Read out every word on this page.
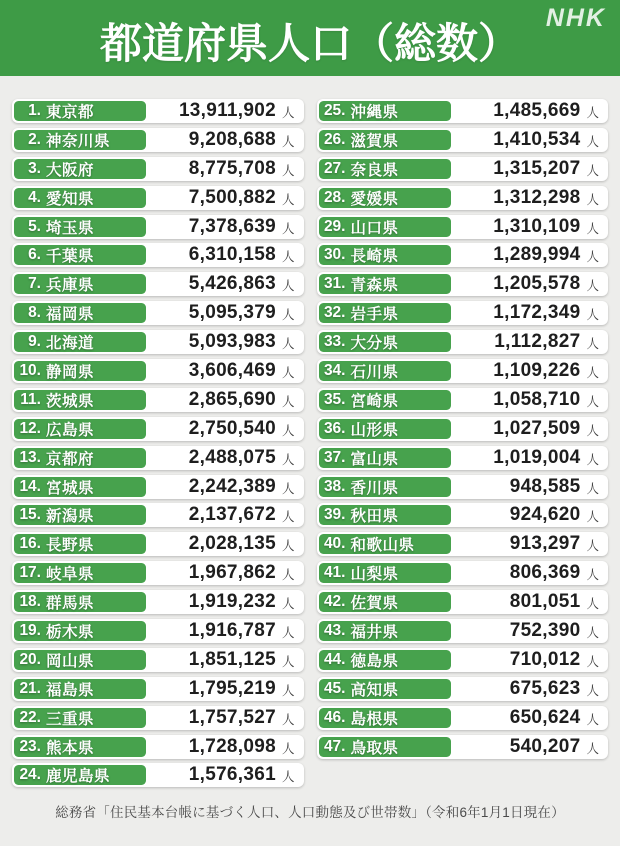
都道府県人口（総数）
NHK
1. 東京都	13,911,902 人
2. 神奈川県	9,208,688 人
3. 大阪府	8,775,708 人
4. 愛知県	7,500,882 人
5. 埼玉県	7,378,639 人
6. 千葉県	6,310,158 人
7. 兵庫県	5,426,863 人
8. 福岡県	5,095,379 人
9. 北海道	5,093,983 人
10. 静岡県	3,606,469 人
11. 茨城県	2,865,690 人
12. 広島県	2,750,540 人
13. 京都府	2,488,075 人
14. 宮城県	2,242,389 人
15. 新潟県	2,137,672 人
16. 長野県	2,028,135 人
17. 岐阜県	1,967,862 人
18. 群馬県	1,919,232 人
19. 栃木県	1,916,787 人
20. 岡山県	1,851,125 人
21. 福島県	1,795,219 人
22. 三重県	1,757,527 人
23. 熊本県	1,728,098 人
24. 鹿児島県	1,576,361 人
25. 沖縄県	1,485,669 人
26. 滋賀県	1,410,534 人
27. 奈良県	1,315,207 人
28. 愛媛県	1,312,298 人
29. 山口県	1,310,109 人
30. 長崎県	1,289,994 人
31. 青森県	1,205,578 人
32. 岩手県	1,172,349 人
33. 大分県	1,112,827 人
34. 石川県	1,109,226 人
35. 宮崎県	1,058,710 人
36. 山形県	1,027,509 人
37. 富山県	1,019,004 人
38. 香川県	948,585 人
39. 秋田県	924,620 人
40. 和歌山県	913,297 人
41. 山梨県	806,369 人
42. 佐賀県	801,051 人
43. 福井県	752,390 人
44. 徳島県	710,012 人
45. 高知県	675,623 人
46. 島根県	650,624 人
47. 鳥取県	540,207 人
総務省「住民基本台帳に基づく人口、人口動態及び世帯数」（令和6年1月1日現在）
